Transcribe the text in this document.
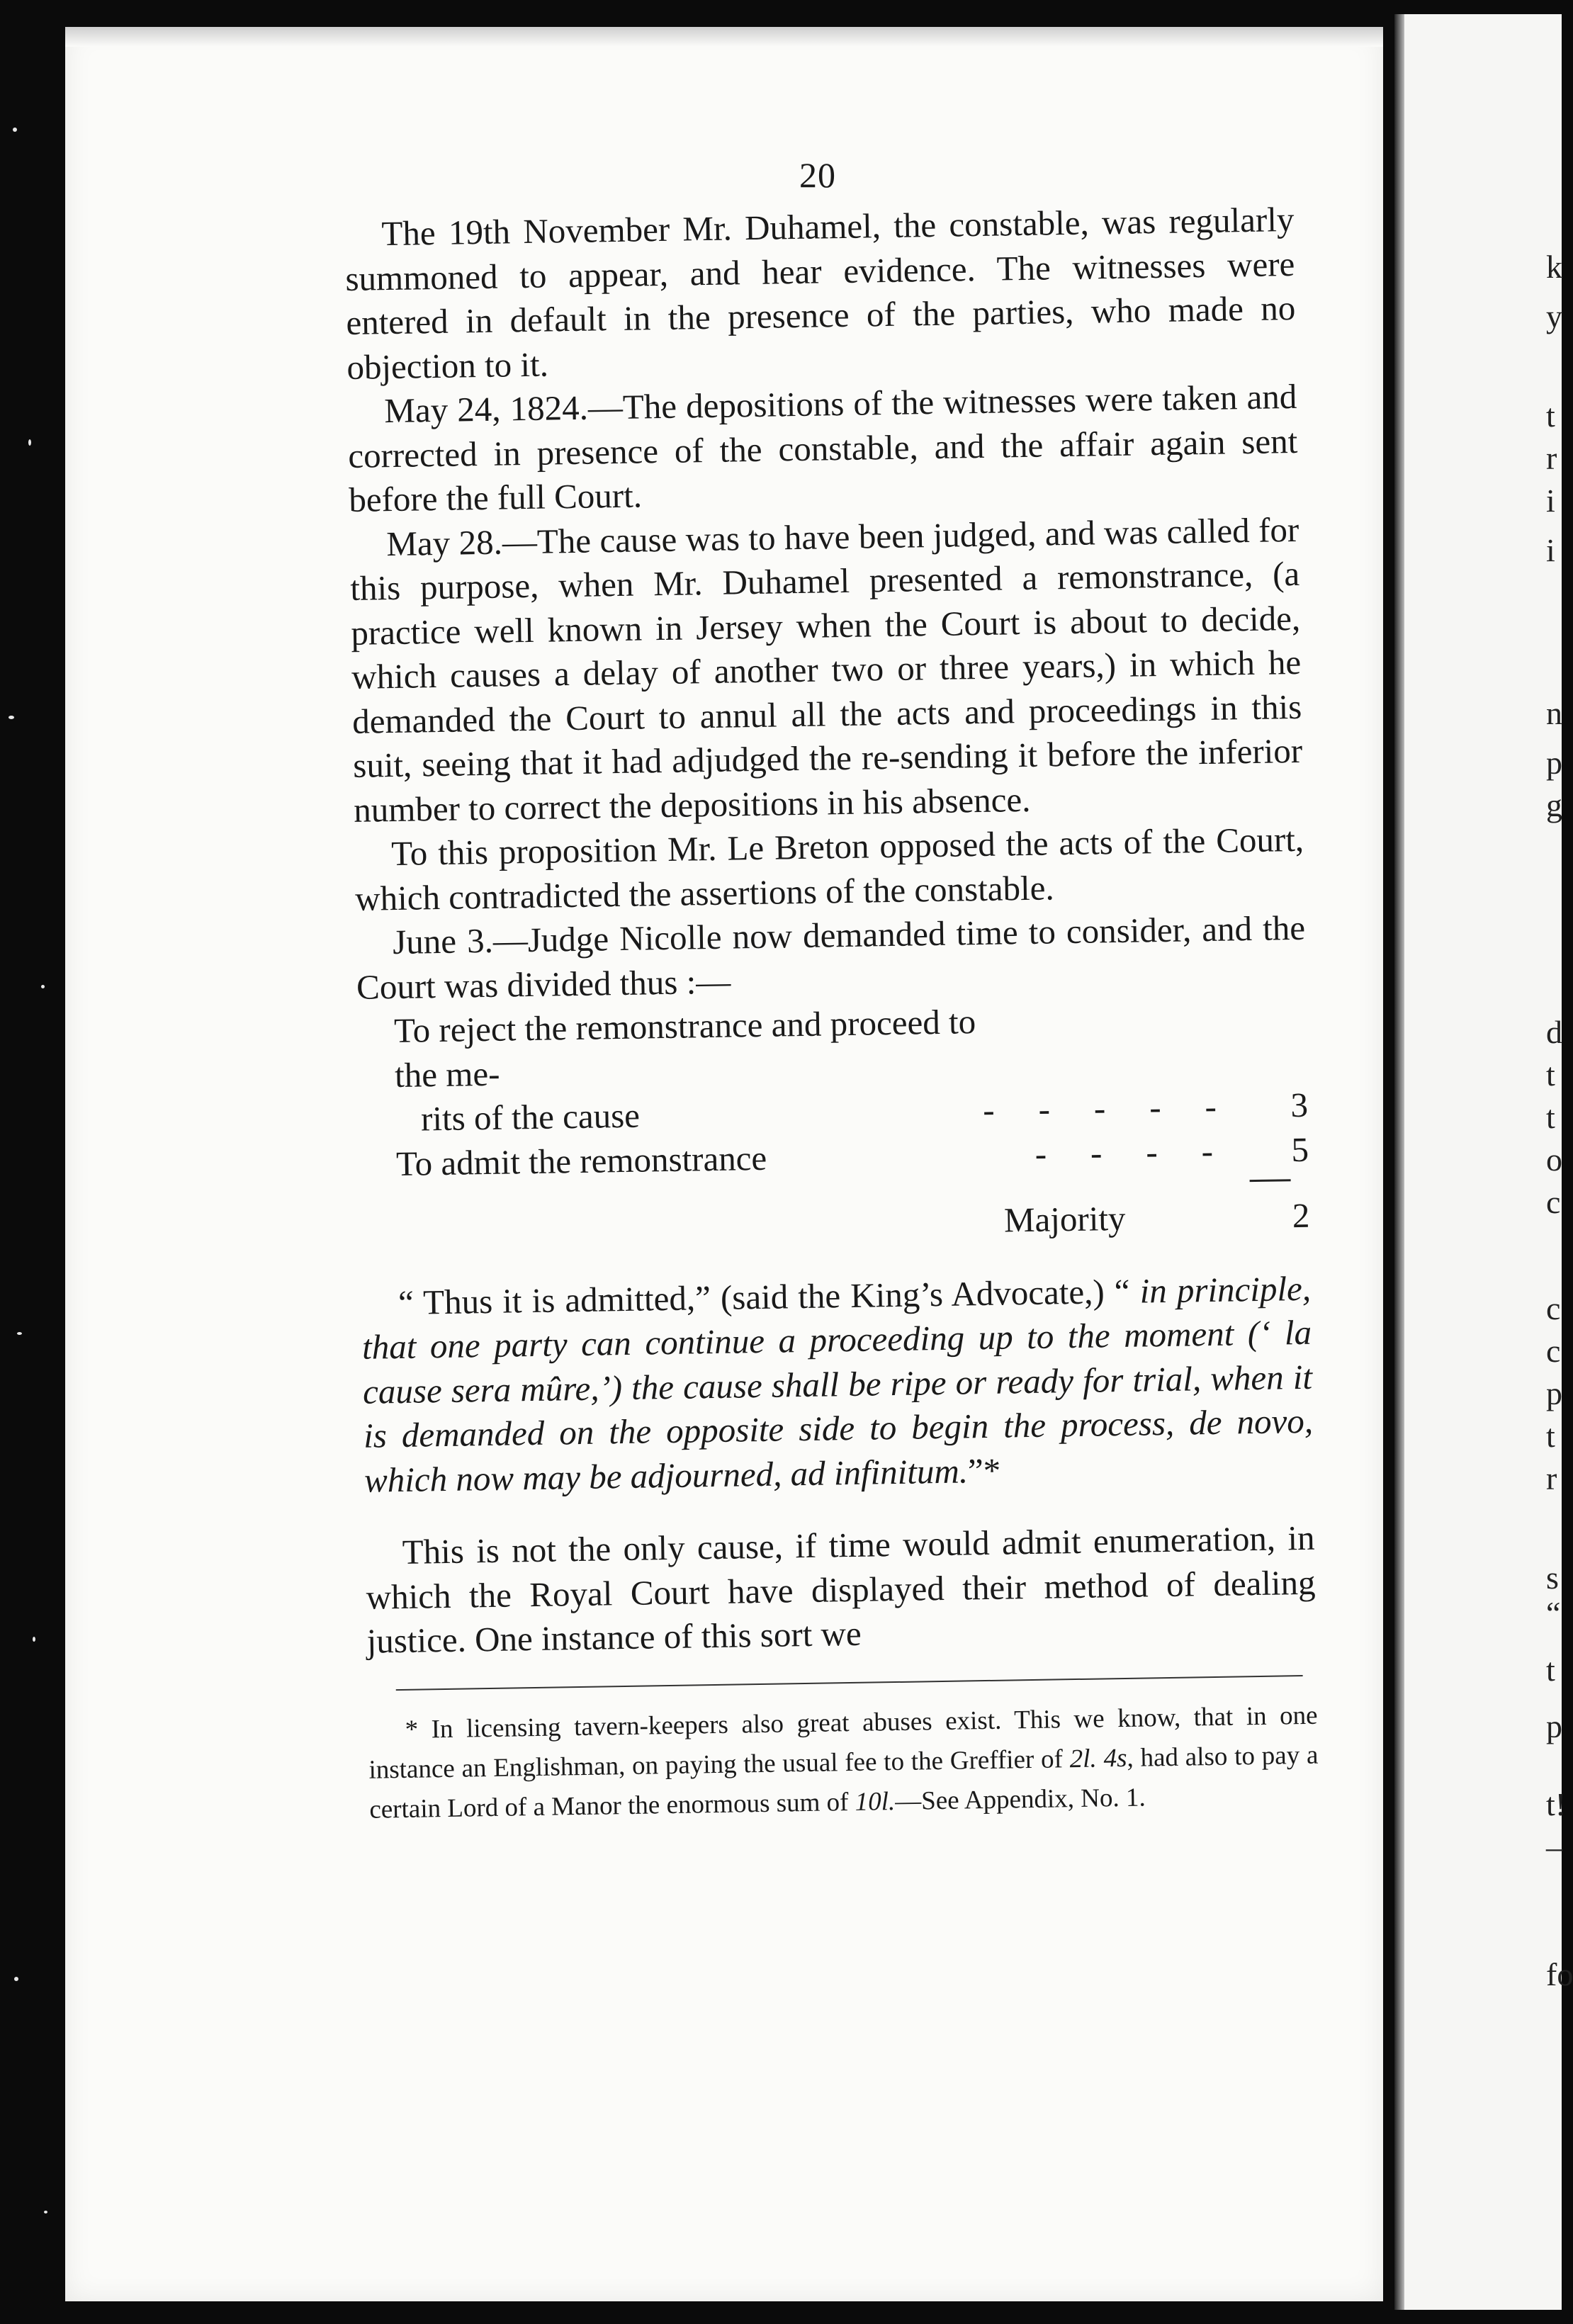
k
y
t
r
i
i
n
p
g
d
t
t
o
c
c
c
p
t
r
s
“
t
p
t!
–
fo
20

The 19th November Mr. Duhamel, the constable, was regularly summoned to appear, and hear evidence. The witnesses were entered in default in the presence of the parties, who made no objection to it.

May 24, 1824.—The depositions of the witnesses were taken and corrected in presence of the constable, and the affair again sent before the full Court.

May 28.—The cause was to have been judged, and was called for this purpose, when Mr. Duhamel presented a remonstrance, (a practice well known in Jersey when the Court is about to decide, which causes a delay of another two or three years,) in which he demanded the Court to annul all the acts and proceedings in this suit, seeing that it had adjudged the re-sending it before the inferior number to correct the depositions in his absence.

To this proposition Mr. Le Breton opposed the acts of the Court, which contradicted the assertions of the constable.

June 3.—Judge Nicolle now demanded time to consider, and the Court was divided thus :—

To reject the remonstrance and proceed to the me-
rits of the cause	----- 3
To admit the remonstrance	---- 5
Majority	2

“ Thus it is admitted,” (said the King’s Advocate,) “ in principle, that one party can continue a proceeding up to the moment (‘ la cause sera mûre,’) the cause shall be ripe or ready for trial, when it is demanded on the opposite side to begin the process, de novo, which now may be adjourned, ad infinitum.”*

This is not the only cause, if time would admit enumeration, in which the Royal Court have displayed their method of dealing justice. One instance of this sort we

* In licensing tavern-keepers also great abuses exist. This we know, that in one instance an Englishman, on paying the usual fee to the Greffier of 2l. 4s, had also to pay a certain Lord of a Manor the enormous sum of 10l.—See Appendix, No. 1.
